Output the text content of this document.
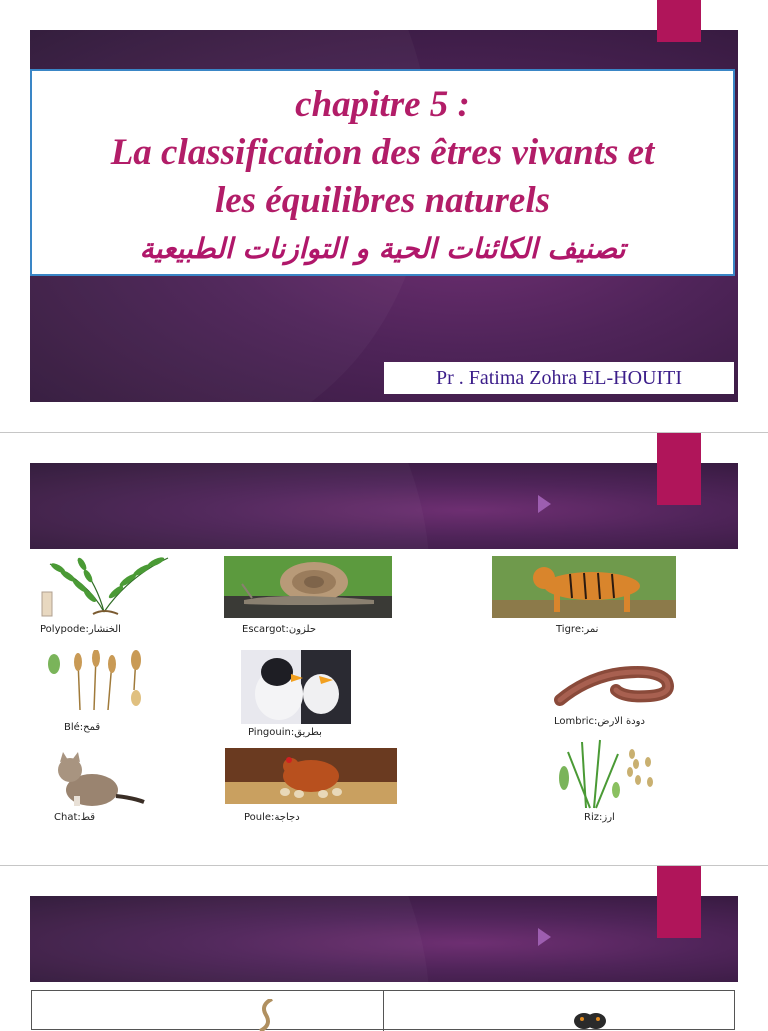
chapitre 5 :
La classification des êtres vivants et
les équilibres naturels
تصنيف الكائنات الحية و التوازنات الطبيعية
Pr . Fatima Zohra EL-HOUITI
Polypode:الخنشار	Escargot:حلزون	Tigre:نمر
Blé:قمح	Pingouin:بطريق
Lombric:دودة الارض
Chat:قط	Poule:دجاجة	Riz:ارز
